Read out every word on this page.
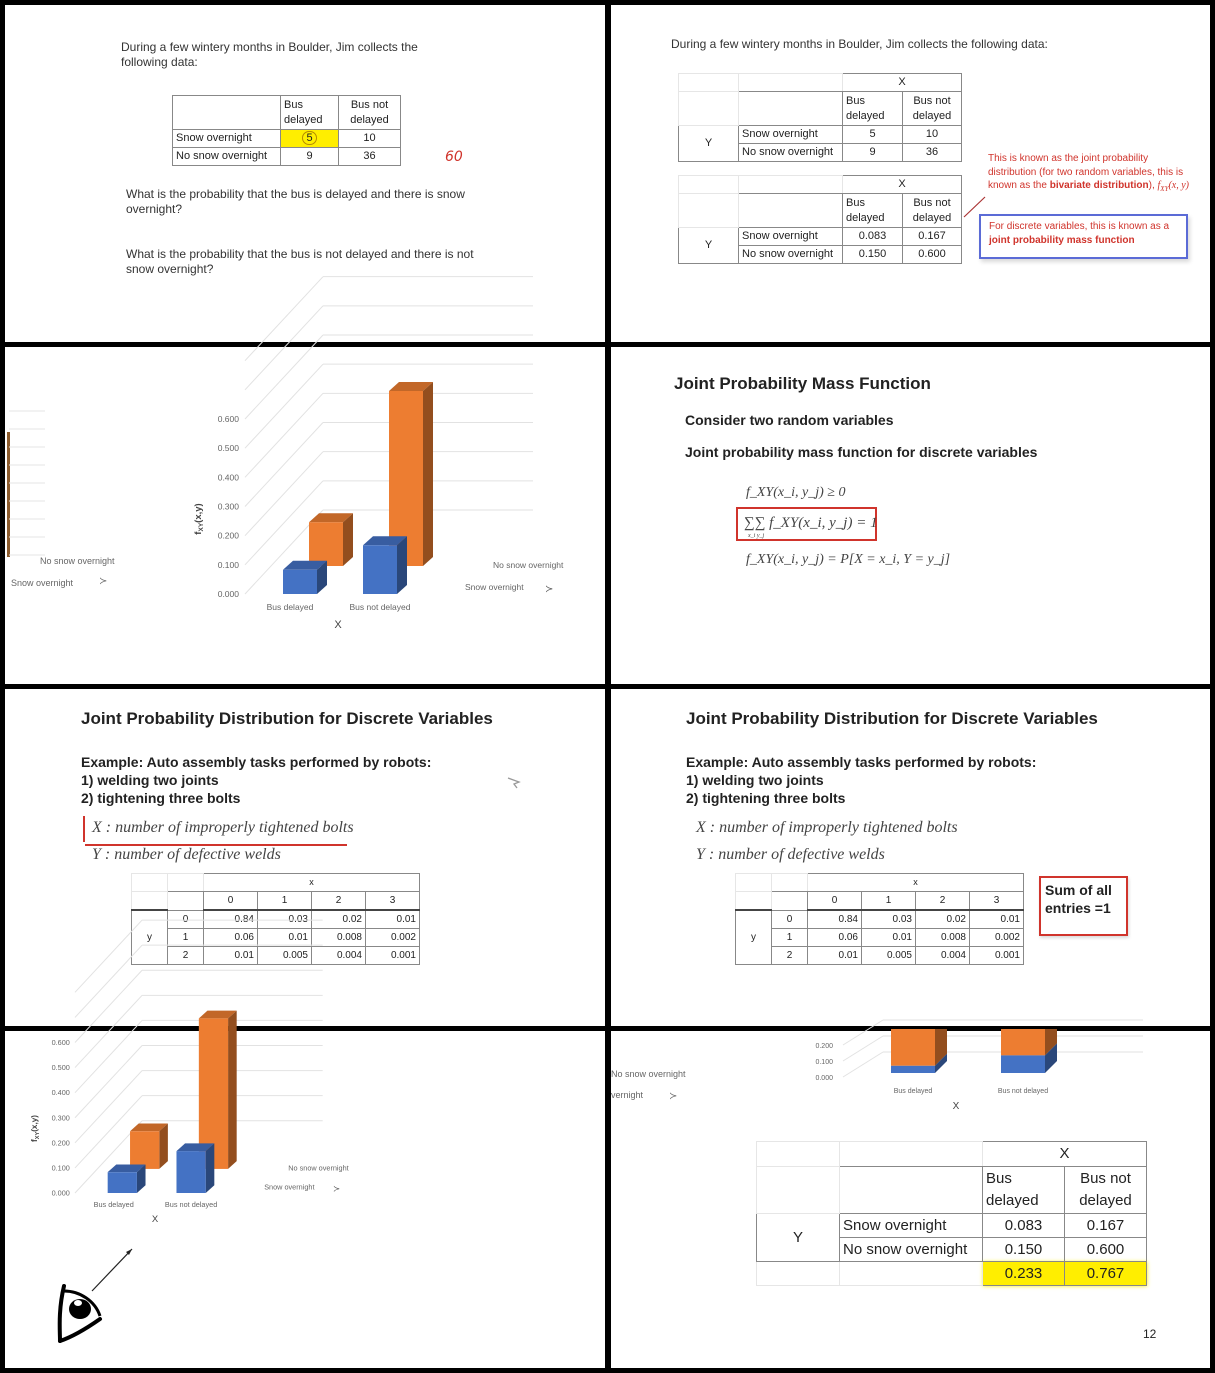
During a few wintery months in Boulder, Jim collects the following data:
	Bus delayed	Bus not delayed
Snow overnight	5	10
No snow overnight	9	36	60
What is the probability that the bus is delayed and there is snow overnight?
What is the probability that the bus is not delayed and there is not snow overnight?
During a few wintery months in Boulder, Jim collects the following data:
		X	
		Bus delayed	Bus not delayed
Y	Snow overnight	5	10
	No snow overnight	9	36
		X	
		Bus delayed	Bus not delayed
Y	Snow overnight	0.083	0.167
	No snow overnight	0.150	0.600
This is known as the joint probability distribution (for two random variables, this is known as the bivariate distribution), $f_{XY}(x$, y)
For discrete variables, this is known as a joint probability mass function
No snow overnight
Snow overnight	≻
0.000
0.100
0.200
0.300
0.400
0.500
0.600
$f_{XY}(x,y)$
Bus delayed	Bus not delayed
X
No snow overnight
Snow overnight ≻
Joint Probability Mass Function
Consider two random variables
Joint probability mass function for discrete variables
f_XY(x_i, y_j) ≥ 0
∑∑ f_XY(x_i, y_j) = 1
x_i y_j
f_XY(x_i, y_j) = P[X = x_i, Y = y_j]
Joint Probability Distribution for Discrete Variables
Example: Auto assembly tasks performed by robots:
1) welding two joints
2) tightening three bolts
X : number of improperly tightened bolts
Y : number of defective welds
		x			
		0	1	2	3
y	0	0.84	0.03	0.02	0.01
	1	0.06	0.01	0.008	0.002
	2	0.01	0.005	0.004	0.001
Joint Probability Distribution for Discrete Variables
Example: Auto assembly tasks performed by robots:
1) welding two joints
2) tightening three bolts
X : number of improperly tightened bolts
Y : number of defective welds
		x			
		0	1	2	3
y	0	0.84	0.03	0.02	0.01
	1	0.06	0.01	0.008	0.002
	2	0.01	0.005	0.004	0.001
Sum of all entries =1
0.000
0.100
0.200
0.300
0.400
0.500
0.600
$f_{XY}(x,y)$
Bus delayed	Bus not delayed
X
No snow overnight
Snow overnight ≻
0.000
0.100
0.200
Bus delayed	Bus not delayed
X
No snow overnight
vernight	≻
		X	
		Bus delayed	Bus not delayed
Y	Snow overnight	0.083	0.167
	No snow overnight	0.150	0.600
		0.233	0.767
12
